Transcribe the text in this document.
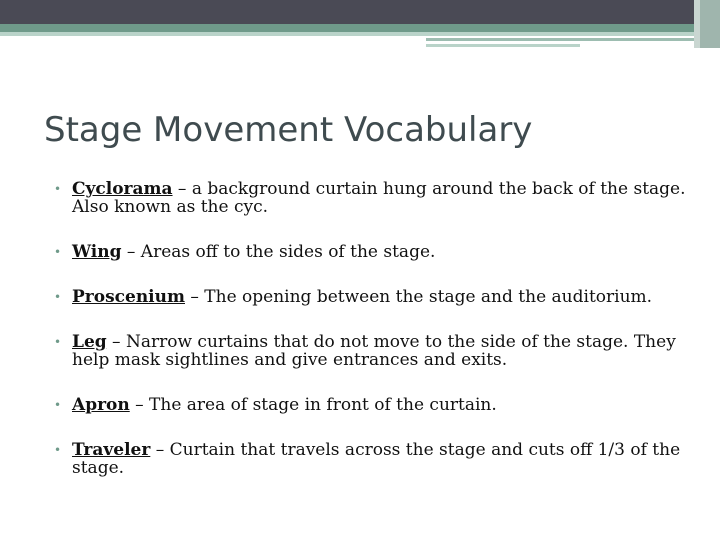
Stage Movement Vocabulary
• Cyclorama – a background curtain hung around the back of the stage. Also known as the cyc.
• Wing – Areas off to the sides of the stage.
• Proscenium – The opening between the stage and the auditorium.
• Leg – Narrow curtains that do not move to the side of the stage. They help mask sightlines and give entrances and exits.
• Apron – The area of stage in front of the curtain.
• Traveler – Curtain that travels across the stage and cuts off 1/3 of the stage.
